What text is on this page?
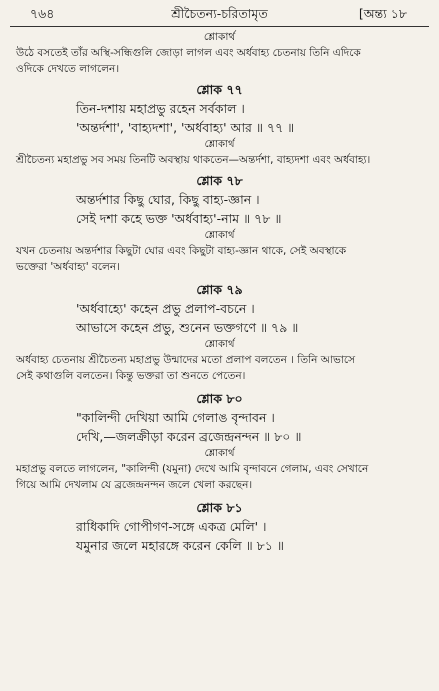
৭৬৪	শ্রীচৈতন্য-চরিতামৃত	[অন্ত্য ১৮
শ্লোকার্থ
উঠে বসতেই তাঁর অস্থি-সন্ধিগুলি জোড়া লাগল এবং অর্ধবাহ্য চেতনায় তিনি এদিকে
ওদিকে দেখতে লাগলেন।
শ্লোক ৭৭
তিন-দশায় মহাপ্রভু রহেন সর্বকাল ।
'অন্তর্দশা', 'বাহ্যদশা', 'অর্ধবাহ্য' আর ॥ ৭৭ ॥
শ্লোকার্থ
শ্রীচৈতন্য মহাপ্রভু সব সময় তিনটি অবস্থায় থাকতেন—অন্তর্দশা, বাহ্যদশা এবং অর্ধবাহ্য।
শ্লোক ৭৮
অন্তর্দশার কিছু ঘোর, কিছু বাহ্য-জ্ঞান ।
সেই দশা কহে ভক্ত 'অর্ধবাহ্য'-নাম ॥ ৭৮ ॥
শ্লোকার্থ
যখন চেতনায় অন্তর্দশার কিছুটা ঘোর এবং কিছুটা বাহ্য-জ্ঞান থাকে, সেই অবস্থাকে
ভক্তেরা 'অর্ধবাহ্য' বলেন।
শ্লোক ৭৯
'অর্ধবাহ্যে' কহেন প্রভু প্রলাপ-বচনে ।
আভাসে কহেন প্রভু, শুনেন ভক্তগণে ॥ ৭৯ ॥
শ্লোকার্থ
অর্ধবাহ্য চেতনায় শ্রীচৈতন্য মহাপ্রভু উন্মাদের মতো প্রলাপ বলতেন । তিনি আভাসে
সেই কথাগুলি বলতেন। কিন্তু ভক্তরা তা শুনতে পেতেন।
শ্লোক ৮০
"কালিন্দী দেখিয়া আমি গেলাঙ বৃন্দাবন ।
দেখি,—জলক্রীড়া করেন ব্রজেন্দ্রনন্দন ॥ ৮০ ॥
শ্লোকার্থ
মহাপ্রভু বলতে লাগলেন, "কালিন্দী (যমুনা) দেখে আমি বৃন্দাবনে গেলাম, এবং সেখানে
গিয়ে আমি দেখলাম যে ব্রজেন্দ্রনন্দন জলে খেলা করছেন।
শ্লোক ৮১
রাধিকাদি গোপীগণ-সঙ্গে একত্র মেলি' ।
যমুনার জলে মহারঙ্গে করেন কেলি ॥ ৮১ ॥
